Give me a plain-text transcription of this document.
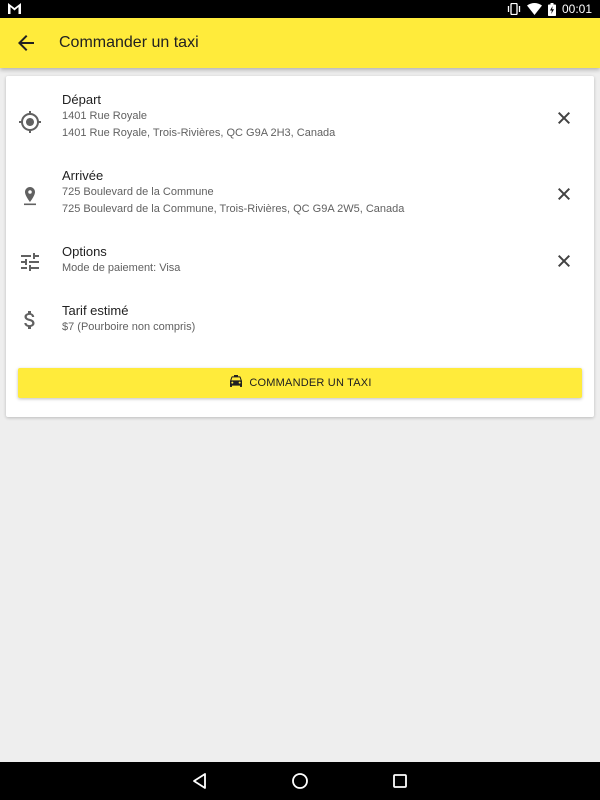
00:01
Commander un taxi
Départ
1401 Rue Royale
1401 Rue Royale, Trois-Rivières, QC G9A 2H3, Canada
Arrivée
725 Boulevard de la Commune
725 Boulevard de la Commune, Trois-Rivières, QC G9A 2W5, Canada
Options
Mode de paiement: Visa
Tarif estimé
$7 (Pourboire non compris)
COMMANDER UN TAXI
